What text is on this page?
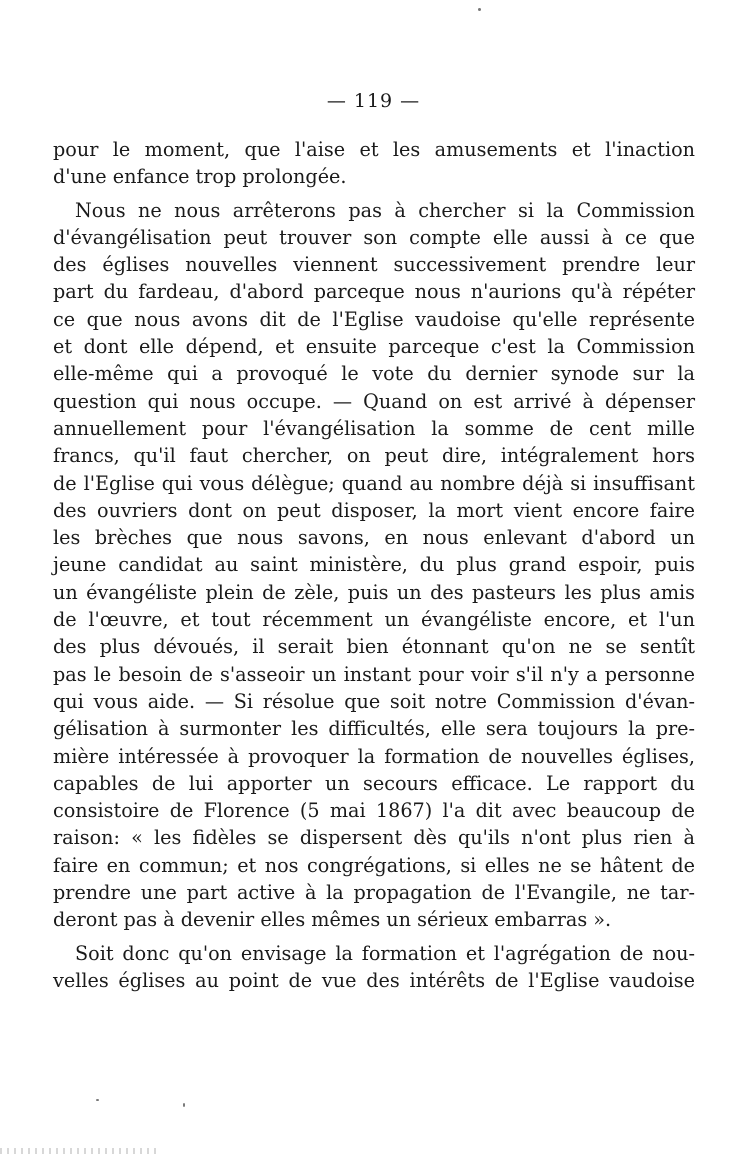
— 119 —
pour le moment, que l'aise et les amusements et l'inaction
d'une enfance trop prolongée.
Nous ne nous arrêterons pas à chercher si la Commission
d'évangélisation peut trouver son compte elle aussi à ce que
des églises nouvelles viennent successivement prendre leur
part du fardeau, d'abord parceque nous n'aurions qu'à répéter
ce que nous avons dit de l'Eglise vaudoise qu'elle représente
et dont elle dépend, et ensuite parceque c'est la Commission
elle-même qui a provoqué le vote du dernier synode sur la
question qui nous occupe. — Quand on est arrivé à dépenser
annuellement pour l'évangélisation la somme de cent mille
francs, qu'il faut chercher, on peut dire, intégralement hors
de l'Eglise qui vous délègue; quand au nombre déjà si insuffisant
des ouvriers dont on peut disposer, la mort vient encore faire
les brèches que nous savons, en nous enlevant d'abord un
jeune candidat au saint ministère, du plus grand espoir, puis
un évangéliste plein de zèle, puis un des pasteurs les plus amis
de l'œuvre, et tout récemment un évangéliste encore, et l'un
des plus dévoués, il serait bien étonnant qu'on ne se sentît
pas le besoin de s'asseoir un instant pour voir s'il n'y a personne
qui vous aide. — Si résolue que soit notre Commission d'évan-
gélisation à surmonter les difficultés, elle sera toujours la pre-
mière intéressée à provoquer la formation de nouvelles églises,
capables de lui apporter un secours efficace. Le rapport du
consistoire de Florence (5 mai 1867) l'a dit avec beaucoup de
raison: « les fidèles se dispersent dès qu'ils n'ont plus rien à
faire en commun; et nos congrégations, si elles ne se hâtent de
prendre une part active à la propagation de l'Evangile, ne tar-
deront pas à devenir elles mêmes un sérieux embarras ».
Soit donc qu'on envisage la formation et l'agrégation de nou-
velles églises au point de vue des intérêts de l'Eglise vaudoise
